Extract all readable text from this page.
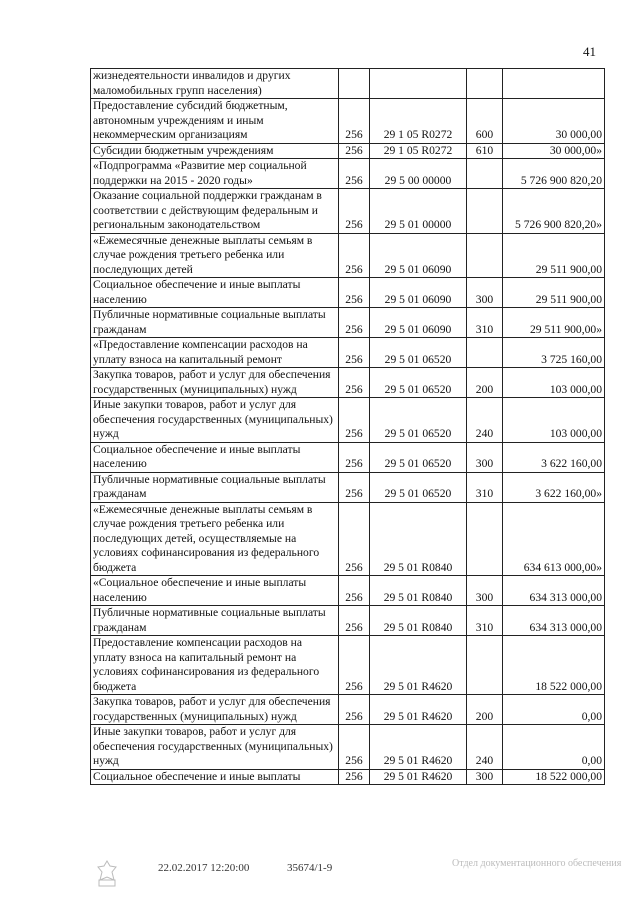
41
жизнедеятельности инвалидов и других маломобильных групп населения)				
Предоставление субсидий бюджетным, автономным учреждениям и иным некоммерческим организациям	256	29 1 05 R0272	600	30 000,00
Субсидии бюджетным учреждениям	256	29 1 05 R0272	610	30 000,00»
«Подпрограмма «Развитие мер социальной поддержки на 2015 - 2020 годы»	256	29 5 00 00000		5 726 900 820,20
Оказание социальной поддержки гражданам в соответствии с действующим федеральным и региональным законодательством	256	29 5 01 00000		5 726 900 820,20»
«Ежемесячные денежные выплаты семьям в случае рождения третьего ребенка или последующих детей	256	29 5 01 06090		29 511 900,00
Социальное обеспечение и иные выплаты населению	256	29 5 01 06090	300	29 511 900,00
Публичные нормативные социальные выплаты гражданам	256	29 5 01 06090	310	29 511 900,00»
«Предоставление компенсации расходов на уплату взноса на капитальный ремонт	256	29 5 01 06520		3 725 160,00
Закупка товаров, работ и услуг для обеспечения государственных (муниципальных) нужд	256	29 5 01 06520	200	103 000,00
Иные закупки товаров, работ и услуг для обеспечения государственных (муниципальных) нужд	256	29 5 01 06520	240	103 000,00
Социальное обеспечение и иные выплаты населению	256	29 5 01 06520	300	3 622 160,00
Публичные нормативные социальные выплаты гражданам	256	29 5 01 06520	310	3 622 160,00»
«Ежемесячные денежные выплаты семьям в случае рождения третьего ребенка или последующих детей, осуществляемые на условиях софинансирования из федерального бюджета	256	29 5 01 R0840		634 613 000,00»
«Социальное обеспечение и иные выплаты населению	256	29 5 01 R0840	300	634 313 000,00
Публичные нормативные социальные выплаты гражданам	256	29 5 01 R0840	310	634 313 000,00
Предоставление компенсации расходов на уплату взноса на капитальный ремонт на условиях софинансирования из федерального бюджета	256	29 5 01 R4620		18 522 000,00
Закупка товаров, работ и услуг для обеспечения государственных (муниципальных) нужд	256	29 5 01 R4620	200	0,00
Иные закупки товаров, работ и услуг для обеспечения государственных (муниципальных) нужд	256	29 5 01 R4620	240	0,00
Социальное обеспечение и иные выплаты	256	29 5 01 R4620	300	18 522 000,00
22.02.2017 12:20:00	35674/1-9	Отдел документационного обеспечения
